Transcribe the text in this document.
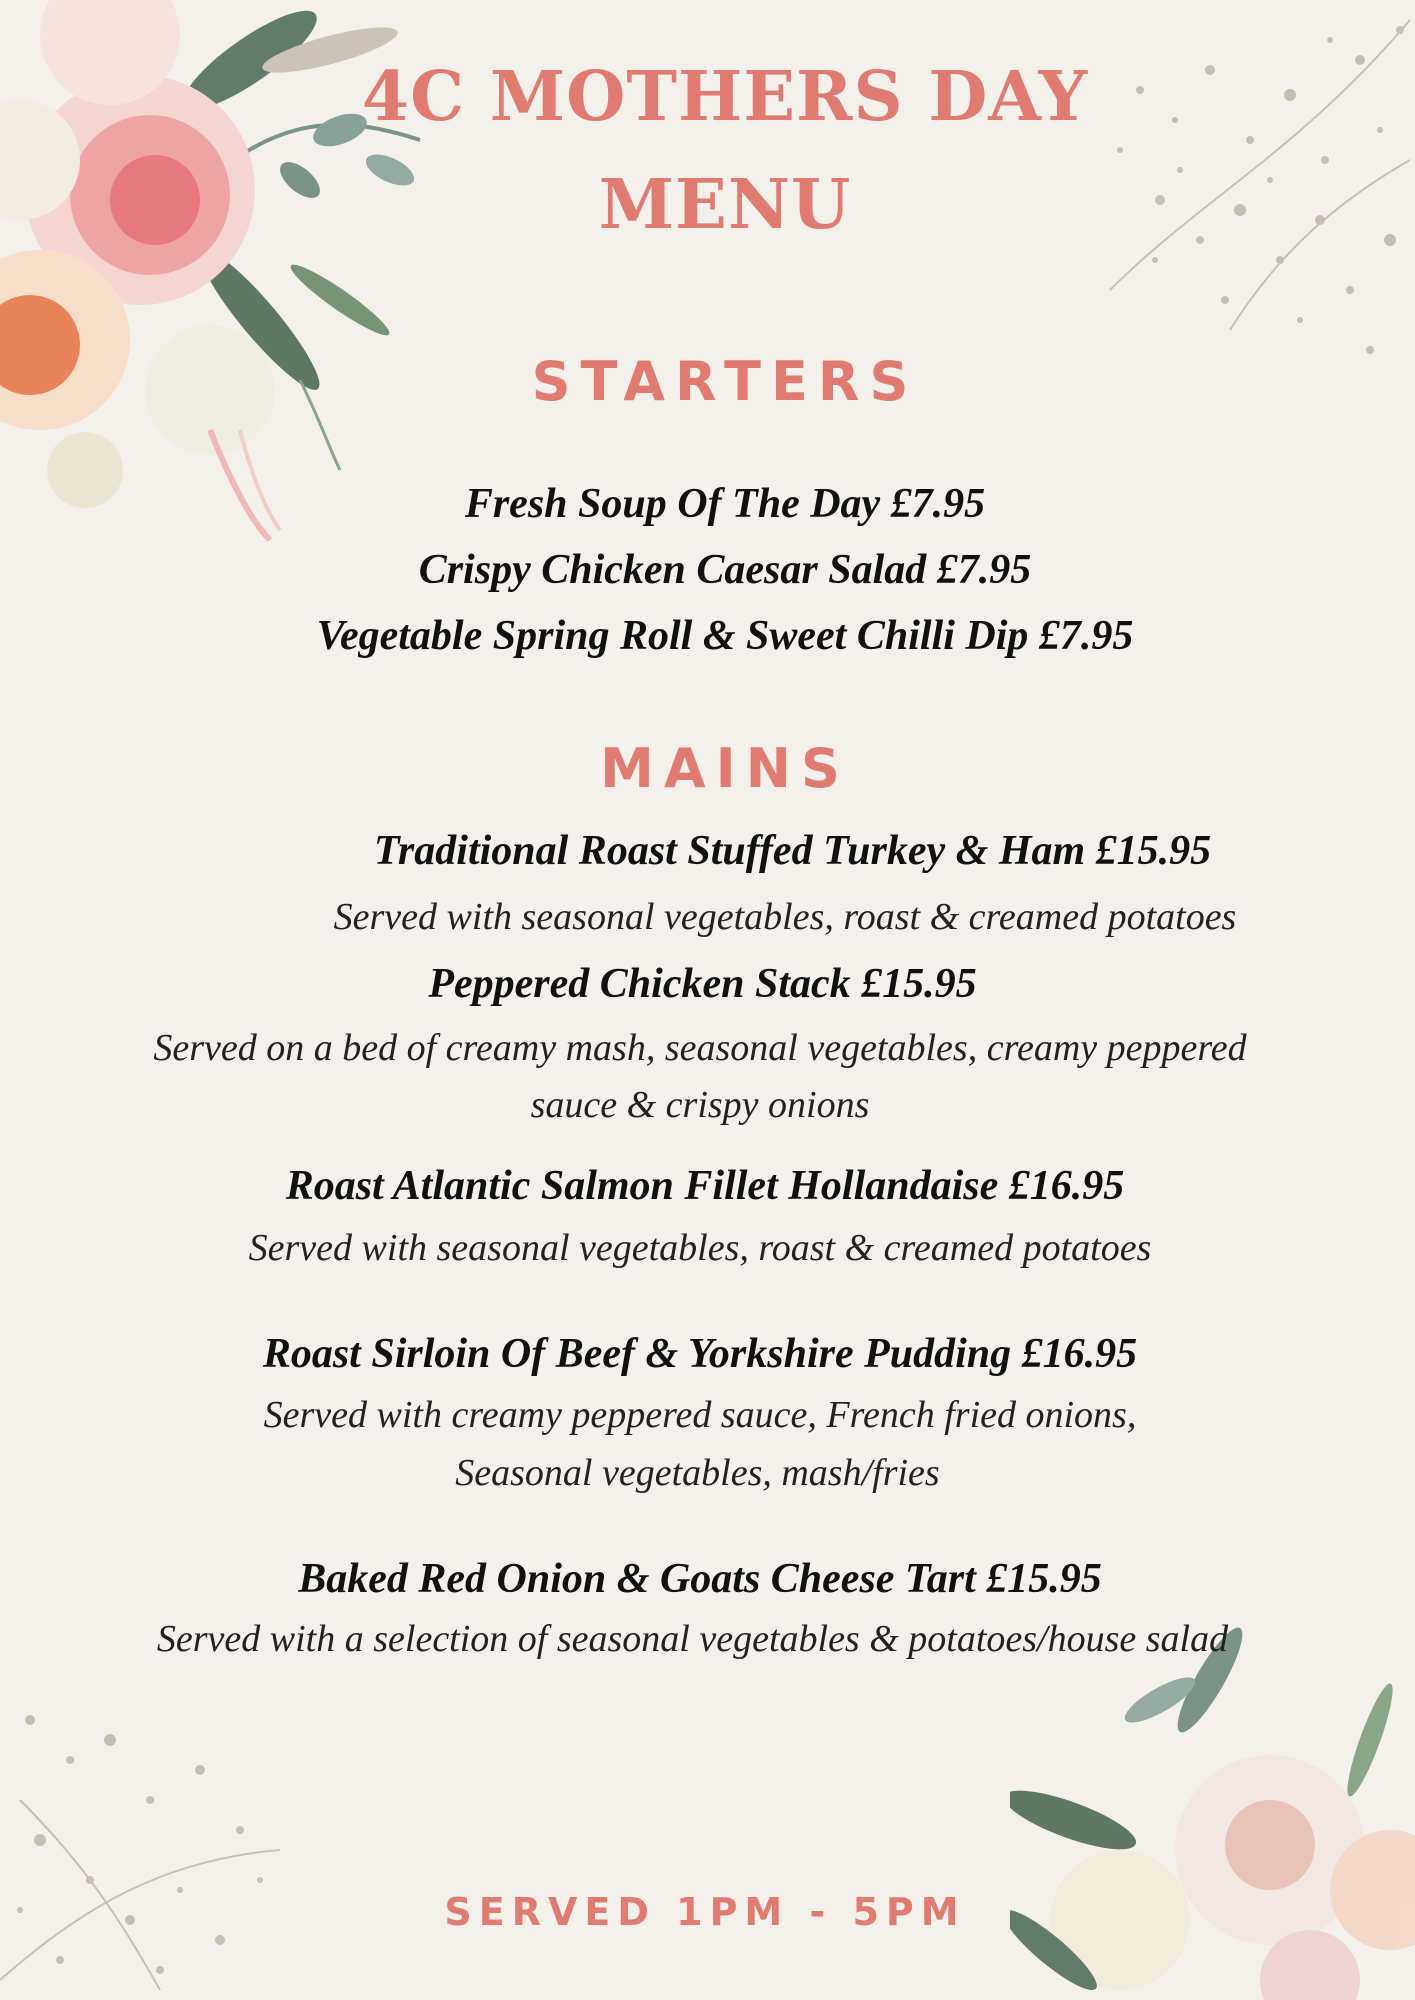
4C MOTHERS DAY
MENU
STARTERS
Fresh Soup Of The Day £7.95
Crispy Chicken Caesar Salad £7.95
Vegetable Spring Roll & Sweet Chilli Dip £7.95
MAINS
Traditional Roast Stuffed Turkey & Ham £15.95
Served with seasonal vegetables, roast & creamed potatoes
Peppered Chicken Stack £15.95
Served on a bed of creamy mash, seasonal vegetables, creamy peppered
sauce & crispy onions
Roast Atlantic Salmon Fillet Hollandaise £16.95
Served with seasonal vegetables, roast & creamed potatoes
Roast Sirloin Of Beef & Yorkshire Pudding £16.95
Served with creamy peppered sauce, French fried onions,
Seasonal vegetables, mash/fries
Baked Red Onion & Goats Cheese Tart £15.95
Served with a selection of seasonal vegetables & potatoes/house salad
SERVED 1PM - 5PM
